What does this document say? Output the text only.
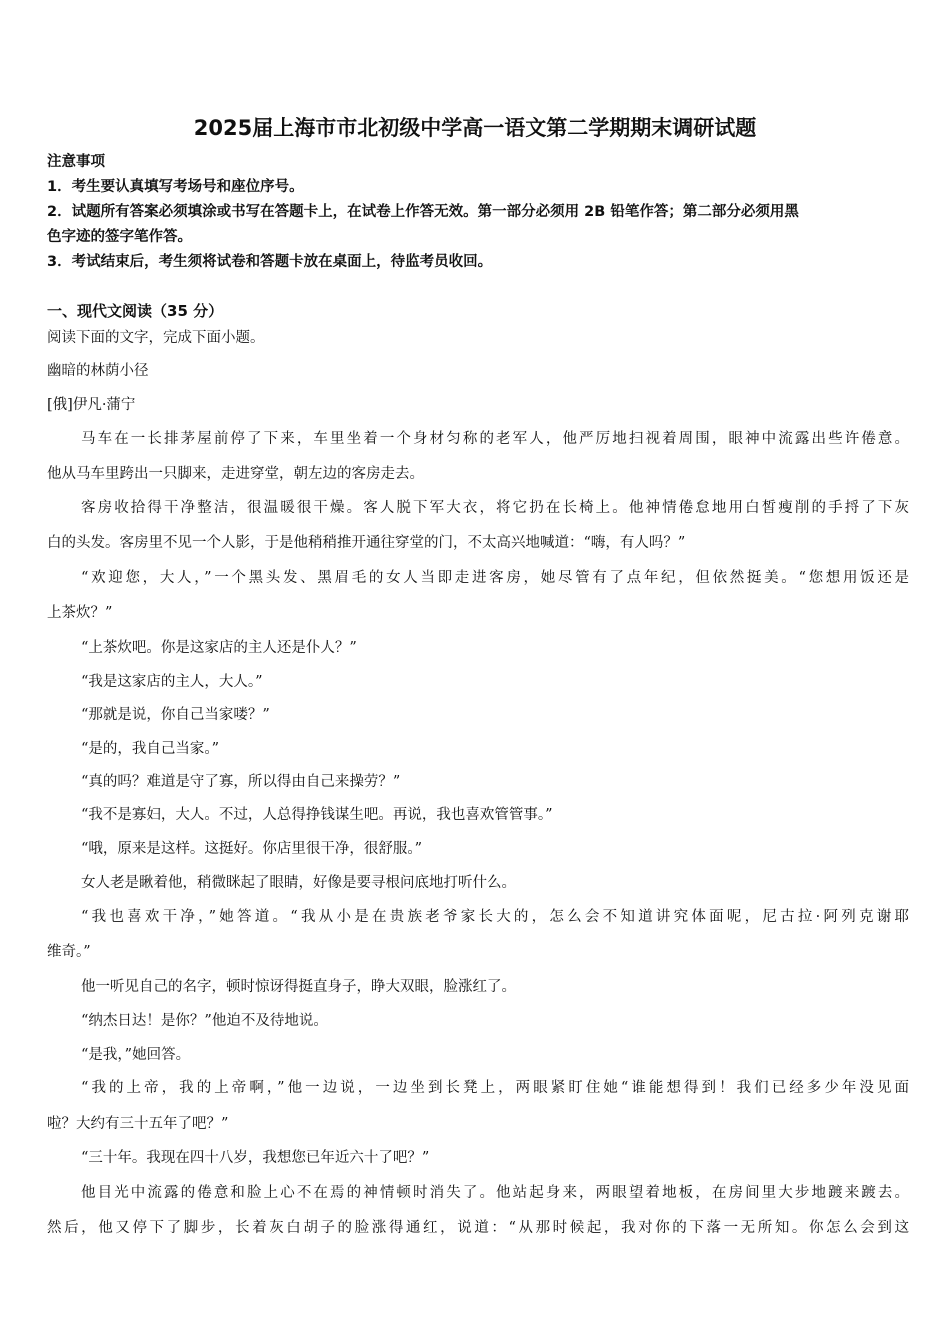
2025届上海市市北初级中学高一语文第二学期期末调研试题

注意事项

1．考生要认真填写考场号和座位序号。

2．试题所有答案必须填涂或书写在答题卡上，在试卷上作答无效。第一部分必须用 2B 铅笔作答；第二部分必须用黑

色字迹的签字笔作答。

3．考试结束后，考生须将试卷和答题卡放在桌面上，待监考员收回。

一、现代文阅读（35 分）
阅读下面的文字，完成下面小题。
幽暗的林荫小径
[俄]伊凡·蒲宁
马车在一长排茅屋前停了下来，车里坐着一个身材匀称的老军人，他严厉地扫视着周围，眼神中流露出些许倦意。
他从马车里跨出一只脚来，走进穿堂，朝左边的客房走去。
客房收拾得干净整洁，很温暖很干燥。客人脱下军大衣，将它扔在长椅上。他神情倦怠地用白皙瘦削的手捋了下灰
白的头发。客房里不见一个人影，于是他稍稍推开通往穿堂的门，不太高兴地喊道：“嗨，有人吗？”
“欢迎您，大人，”一个黑头发、黑眉毛的女人当即走进客房，她尽管有了点年纪，但依然挺美。“您想用饭还是
上茶炊？”
“上茶炊吧。你是这家店的主人还是仆人？”
“我是这家店的主人，大人。”
“那就是说，你自己当家喽？”
“是的，我自己当家。”
“真的吗？难道是守了寡，所以得由自己来操劳？”
“我不是寡妇，大人。不过，人总得挣钱谋生吧。再说，我也喜欢管管事。”
“哦，原来是这样。这挺好。你店里很干净，很舒服。”
女人老是瞅着他，稍微眯起了眼睛，好像是要寻根问底地打听什么。
“我也喜欢干净，”她答道。“我从小是在贵族老爷家长大的，怎么会不知道讲究体面呢，尼古拉·阿列克谢耶
维奇。”
他一听见自己的名字，顿时惊讶得挺直身子，睁大双眼，脸涨红了。
“纳杰日达！是你？”他迫不及待地说。
“是我，”她回答。
“我的上帝，我的上帝啊，”他一边说，一边坐到长凳上，两眼紧盯住她“谁能想得到！我们已经多少年没见面
啦？大约有三十五年了吧？”
“三十年。我现在四十八岁，我想您已年近六十了吧？”
他目光中流露的倦意和脸上心不在焉的神情顿时消失了。他站起身来，两眼望着地板，在房间里大步地踱来踱去。
然后，他又停下了脚步，长着灰白胡子的脸涨得通红，说道：“从那时候起，我对你的下落一无所知。你怎么会到这
